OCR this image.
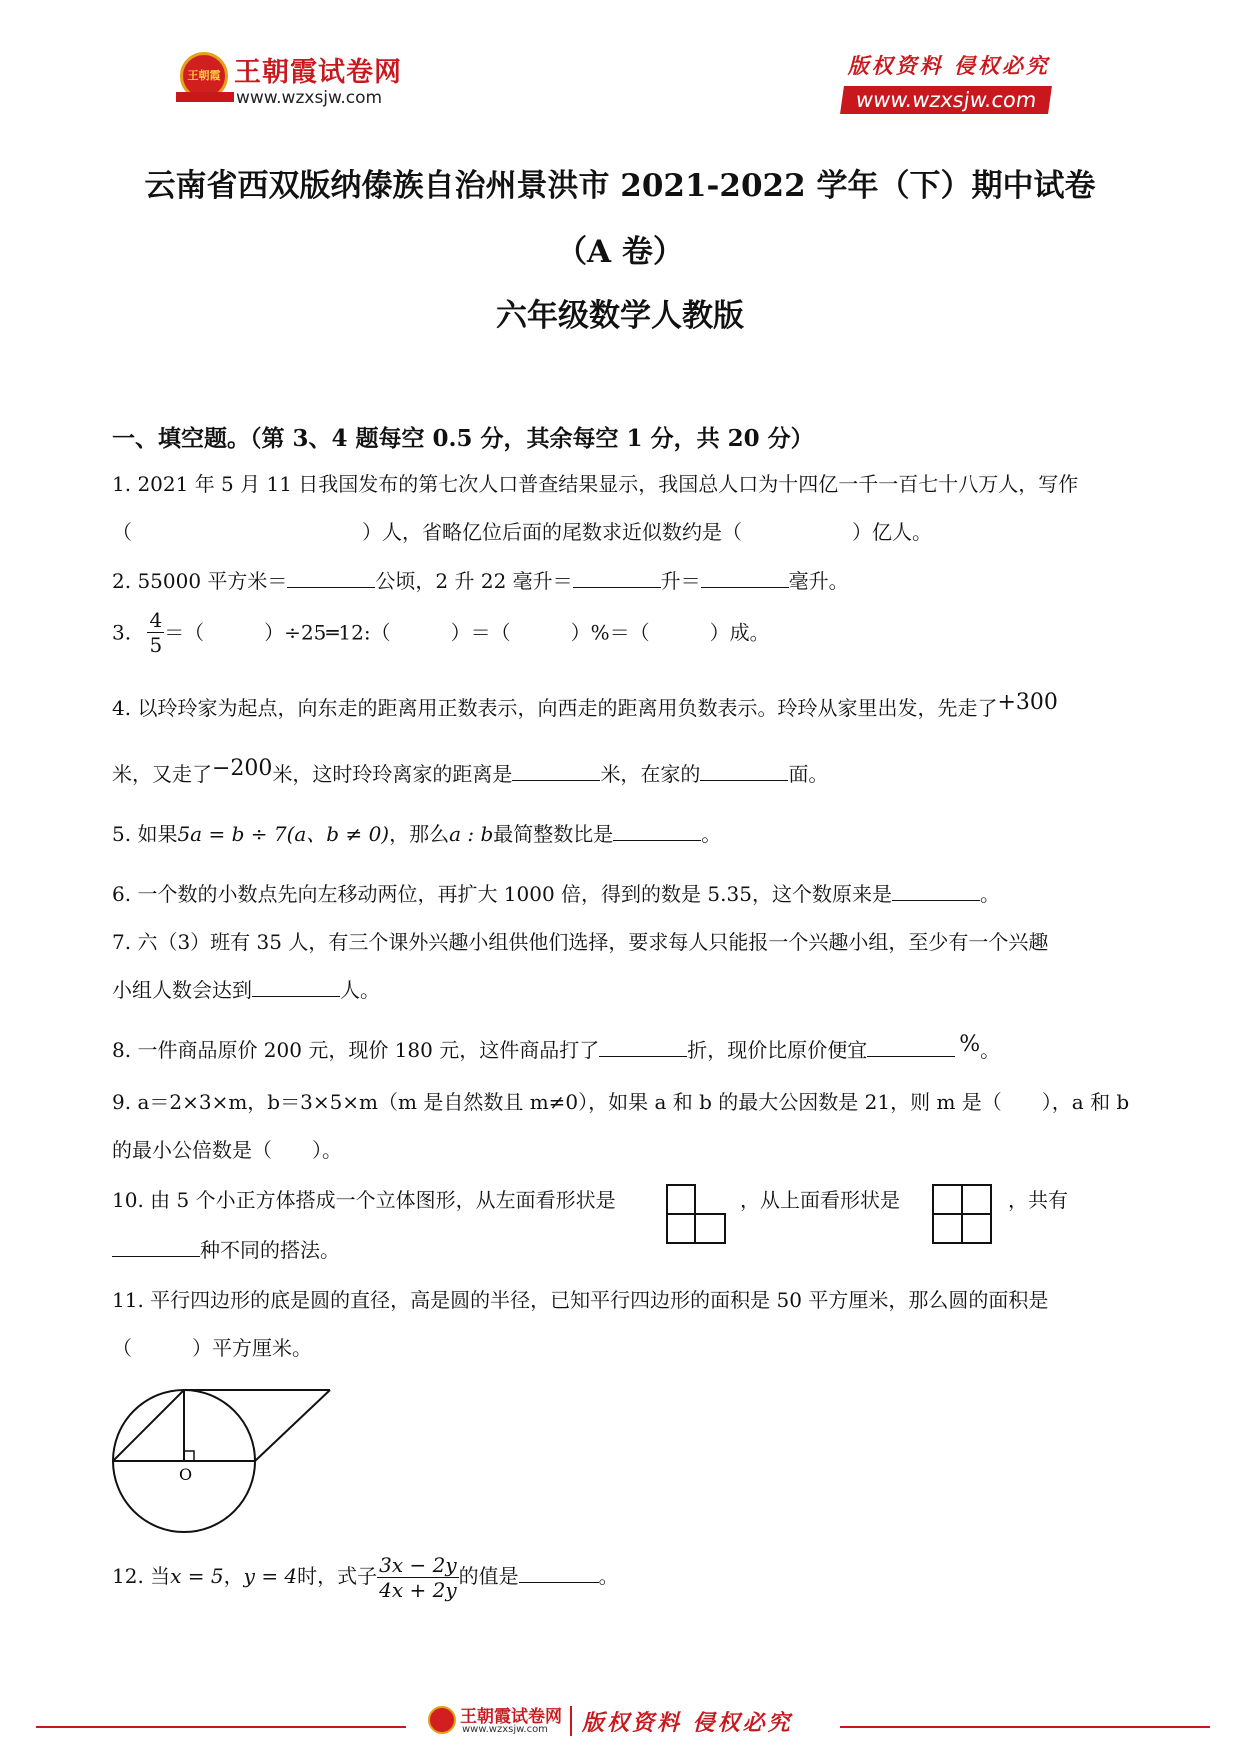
王朝霞 王朝霞试卷网
www.wzxsjw.com
版权资料 侵权必究
www.wzxsjw.com
云南省西双版纳傣族自治州景洪市 2021-2022 学年（下）期中试卷
（A 卷）
六年级数学人教版
一、填空题。（第 3、4 题每空 0.5 分，其余每空 1 分，共 20 分）
1. 2021 年 5 月 11 日我国发布的第七次人口普查结果显示，我国总人口为十四亿一千一百七十八万人，写作
（	）人，省略亿位后面的尾数求近似数约是（	）亿人。
2. 55000 平方米＝	公顷，2 升 22 毫升＝	升＝	毫升。
3. $\frac{4}{5}$ ＝（　　　）÷25═12:（　　　）＝（　　　）%＝（　　　）成。
4. 以玲玲家为起点，向东走的距离用正数表示，向西走的距离用负数表示。玲玲从家里出发，先走了+300
米，又走了−200米，这时玲玲离家的距离是	米，在家的	面。
5. 如果5a = b ÷ 7(a、b ≠ 0)，那么a : b最简整数比是	。
6. 一个数的小数点先向左移动两位，再扩大 1000 倍，得到的数是 5.35，这个数原来是	。
7. 六（3）班有 35 人，有三个课外兴趣小组供他们选择，要求每人只能报一个兴趣小组，至少有一个兴趣
小组人数会达到	人。
8. 一件商品原价 200 元，现价 180 元，这件商品打了	折，现价比原价便宜	%。
9. a＝2×3×m，b＝3×5×m（m 是自然数且 m≠0），如果 a 和 b 的最大公因数是 21，则 m 是（　　），a 和 b
的最小公倍数是（　　）。
10. 由 5 个小正方体搭成一个立体图形，从左面看形状是	，从上面看形状是	，共有
种不同的搭法。
11. 平行四边形的底是圆的直径，高是圆的半径，已知平行四边形的面积是 50 平方厘米，那么圆的面积是
（　　　）平方厘米。
O
12. 当x = 5，y = 4时，式子 $\frac{3x - 2y}{4x + 2y}$ 的值是	。
王朝霞试卷网
www.wzxsjw.com 版权资料 侵权必究
